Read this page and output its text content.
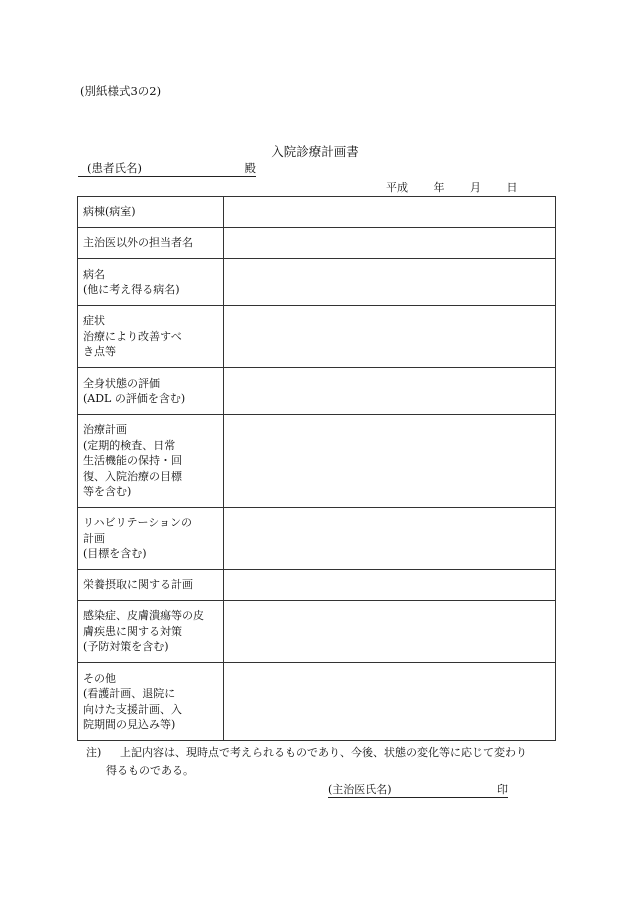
(別紙様式3の2)
入院診療計画書
(患者氏名)	殿
平成 年 月 日
病棟(病室)	

主治医以外の担当者名	

病名
(他に考え得る病名)	

症状
治療により改善すべ
き点等	

全身状態の評価
(ADL の評価を含む)	

治療計画
(定期的検査、日常
生活機能の保持・回
復、入院治療の目標
等を含む)	

リハビリテーションの
計画
(目標を含む)	

栄養摂取に関する計画	

感染症、皮膚潰瘍等の皮
膚疾患に関する対策
(予防対策を含む)	

その他
(看護計画、退院に
向けた支援計画、入
院期間の見込み等)	

注) 上記内容は、現時点で考えられるものであり、今後、状態の変化等に応じて変わり
得るものである。
(主治医氏名)	印
